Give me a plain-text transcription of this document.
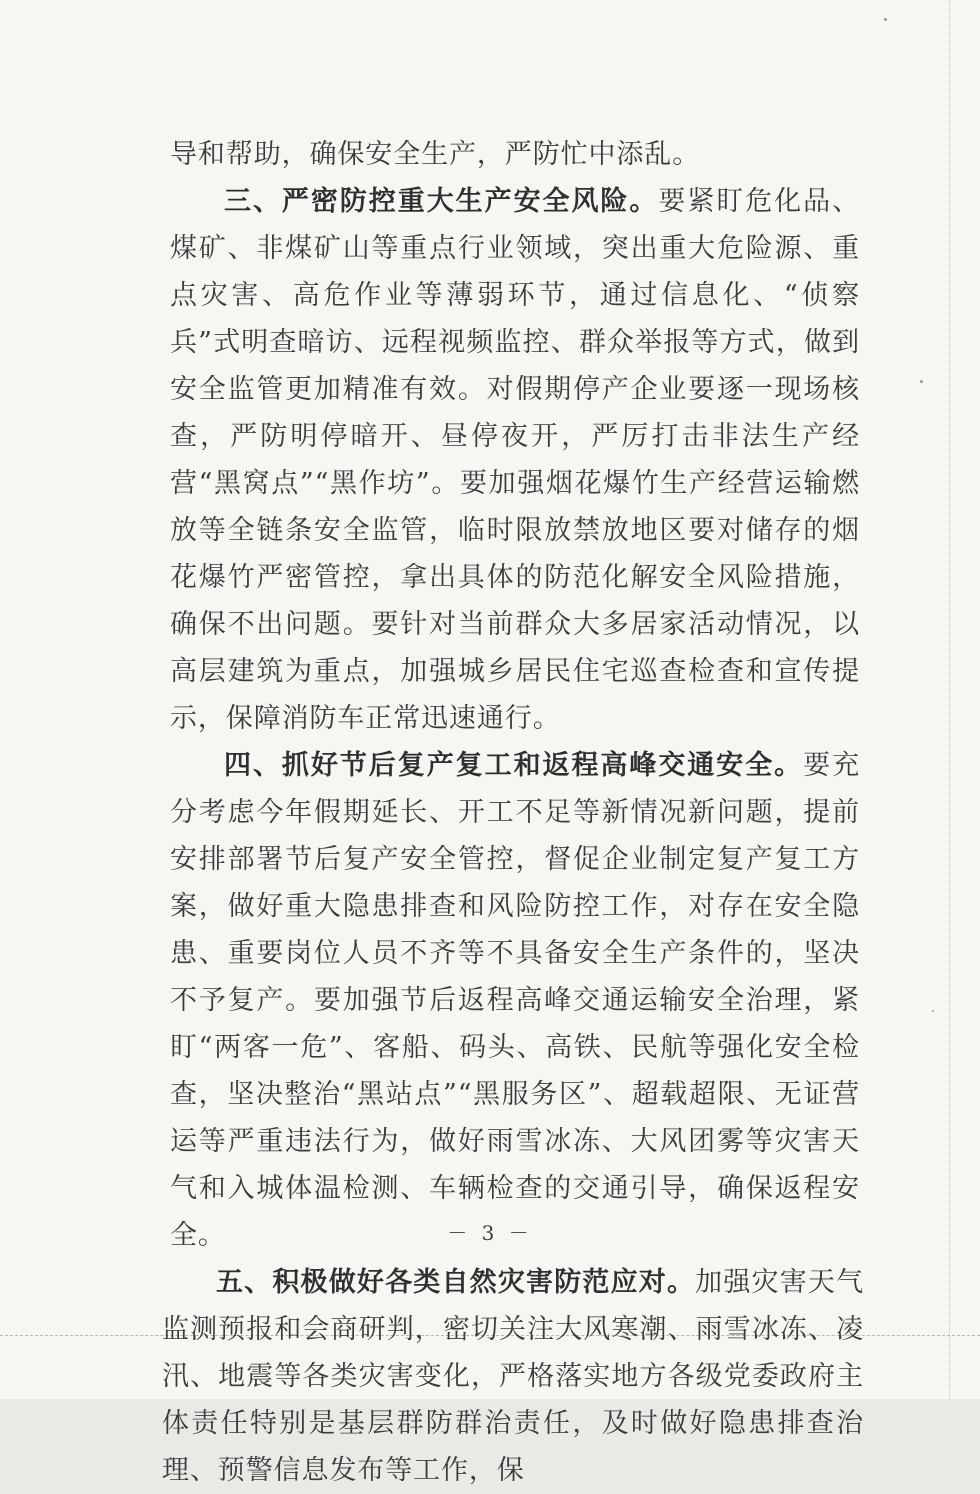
导和帮助，确保安全生产，严防忙中添乱。

三、严密防控重大生产安全风险。要紧盯危化品、煤矿、非煤矿山等重点行业领域，突出重大危险源、重点灾害、高危作业等薄弱环节，通过信息化、“侦察兵”式明查暗访、远程视频监控、群众举报等方式，做到安全监管更加精准有效。对假期停产企业要逐一现场核查，严防明停暗开、昼停夜开，严厉打击非法生产经营“黑窝点”“黑作坊”。要加强烟花爆竹生产经营运输燃放等全链条安全监管，临时限放禁放地区要对储存的烟花爆竹严密管控，拿出具体的防范化解安全风险措施，确保不出问题。要针对当前群众大多居家活动情况，以高层建筑为重点，加强城乡居民住宅巡查检查和宣传提示，保障消防车正常迅速通行。

四、抓好节后复产复工和返程高峰交通安全。要充分考虑今年假期延长、开工不足等新情况新问题，提前安排部署节后复产安全管控，督促企业制定复产复工方案，做好重大隐患排查和风险防控工作，对存在安全隐患、重要岗位人员不齐等不具备安全生产条件的，坚决不予复产。要加强节后返程高峰交通运输安全治理，紧盯“两客一危”、客船、码头、高铁、民航等强化安全检查，坚决整治“黑站点”“黑服务区”、超载超限、无证营运等严重违法行为，做好雨雪冰冻、大风团雾等灾害天气和入城体温检测、车辆检查的交通引导，确保返程安全。

五、积极做好各类自然灾害防范应对。加强灾害天气监测预报和会商研判，密切关注大风寒潮、雨雪冰冻、凌汛、地震等各类灾害变化，严格落实地方各级党委政府主体责任特别是基层群防群治责任，及时做好隐患排查治理、预警信息发布等工作，保

－ 3 －
